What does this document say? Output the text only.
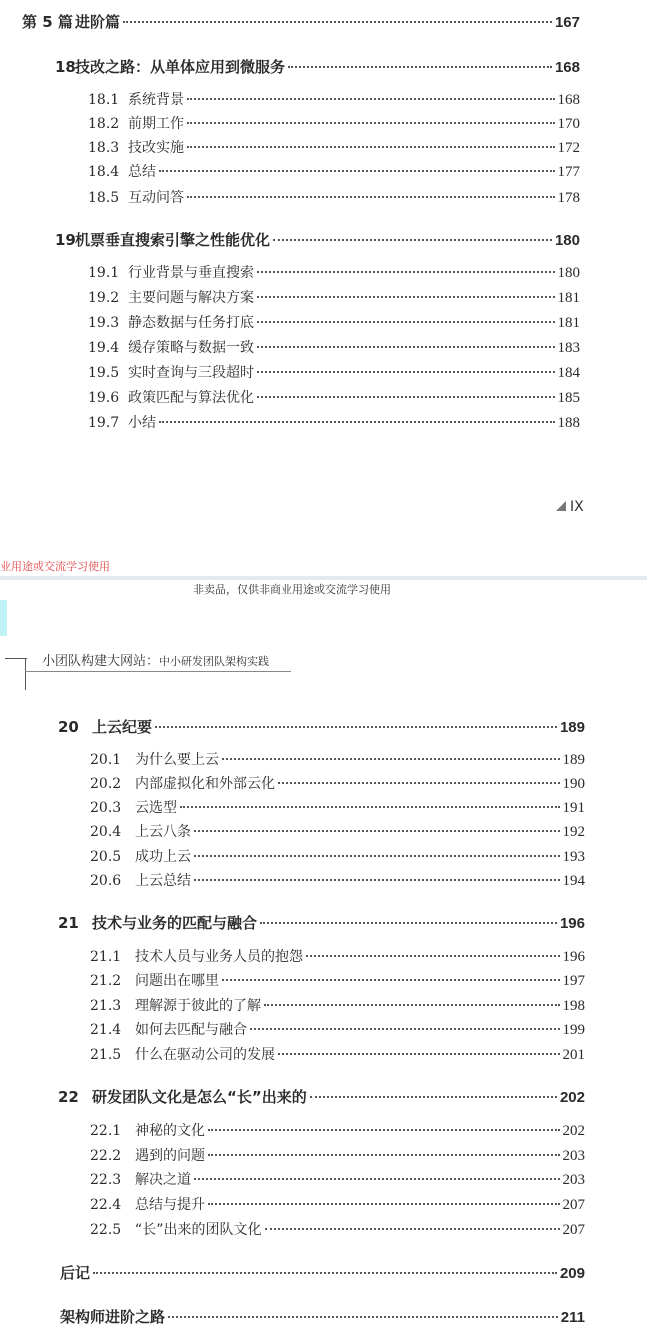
第 5 篇 进阶篇	167
18 技改之路：从单体应用到微服务	168
18.1 系统背景	168
18.2 前期工作	170
18.3 技改实施	172
18.4 总结	177
18.5 互动问答	178
19 机票垂直搜索引擎之性能优化	180
19.1 行业背景与垂直搜索	180
19.2 主要问题与解决方案	181
19.3 静态数据与任务打底	181
19.4 缓存策略与数据一致	183
19.5 实时查询与三段超时	184
19.6 政策匹配与算法优化	185
19.7 小结	188
IX
业用途或交流学习使用
非卖品，仅供非商业用途或交流学习使用
小团队构建大网站：中小研发团队架构实践
20 上云纪要	189
20.1 为什么要上云	189
20.2 内部虚拟化和外部云化	190
20.3 云选型	191
20.4 上云八条	192
20.5 成功上云	193
20.6 上云总结	194
21 技术与业务的匹配与融合	196
21.1 技术人员与业务人员的抱怨	196
21.2 问题出在哪里	197
21.3 理解源于彼此的了解	198
21.4 如何去匹配与融合	199
21.5 什么在驱动公司的发展	201
22 研发团队文化是怎么“长”出来的	202
22.1 神秘的文化	202
22.2 遇到的问题	203
22.3 解决之道	203
22.4 总结与提升	207
22.5 “长”出来的团队文化	207
后记	209
架构师进阶之路	211
